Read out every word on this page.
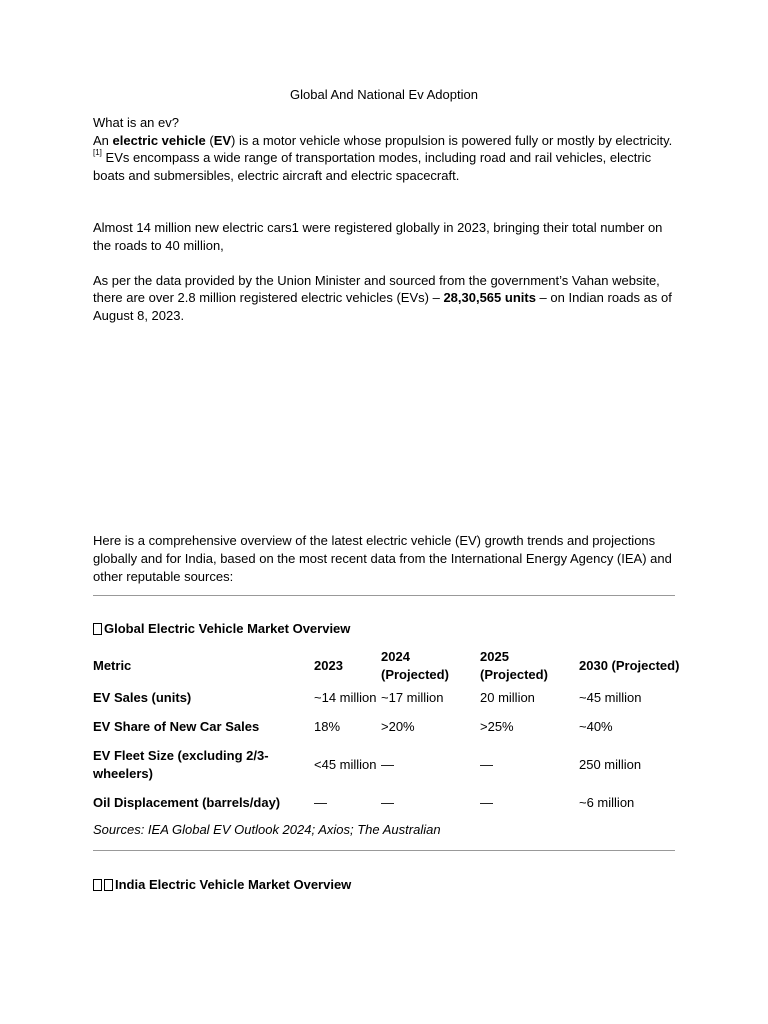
Global And National Ev Adoption

What is an ev?

An electric vehicle (EV) is a motor vehicle whose propulsion is powered fully or mostly by electricity.
[1] EVs encompass a wide range of transportation modes, including road and rail vehicles, electric boats and submersibles, electric aircraft and electric spacecraft.

Almost 14 million new electric cars1 were registered globally in 2023, bringing their total number on the roads to 40 million,

As per the data provided by the Union Minister and sourced from the government’s Vahan website, there are over 2.8 million registered electric vehicles (EVs) – 28,30,565 units – on Indian roads as of August 8, 2023.

Here is a comprehensive overview of the latest electric vehicle (EV) growth trends and projections globally and for India, based on the most recent data from the International Energy Agency (IEA) and other reputable sources:

Global Electric Vehicle Market Overview
Metric	2023	2024 (Projected)	2025 (Projected)	2030 (Projected)
EV Sales (units)	~14 million	~17 million	20 million	~45 million
EV Share of New Car Sales	18%	>20%	>25%	~40%
EV Fleet Size (excluding 2/3-wheelers)	<45 million	—	—	250 million
Oil Displacement (barrels/day)	—	—	—	~6 million
Sources: IEA Global EV Outlook 2024; Axios; The Australian
India Electric Vehicle Market Overview
